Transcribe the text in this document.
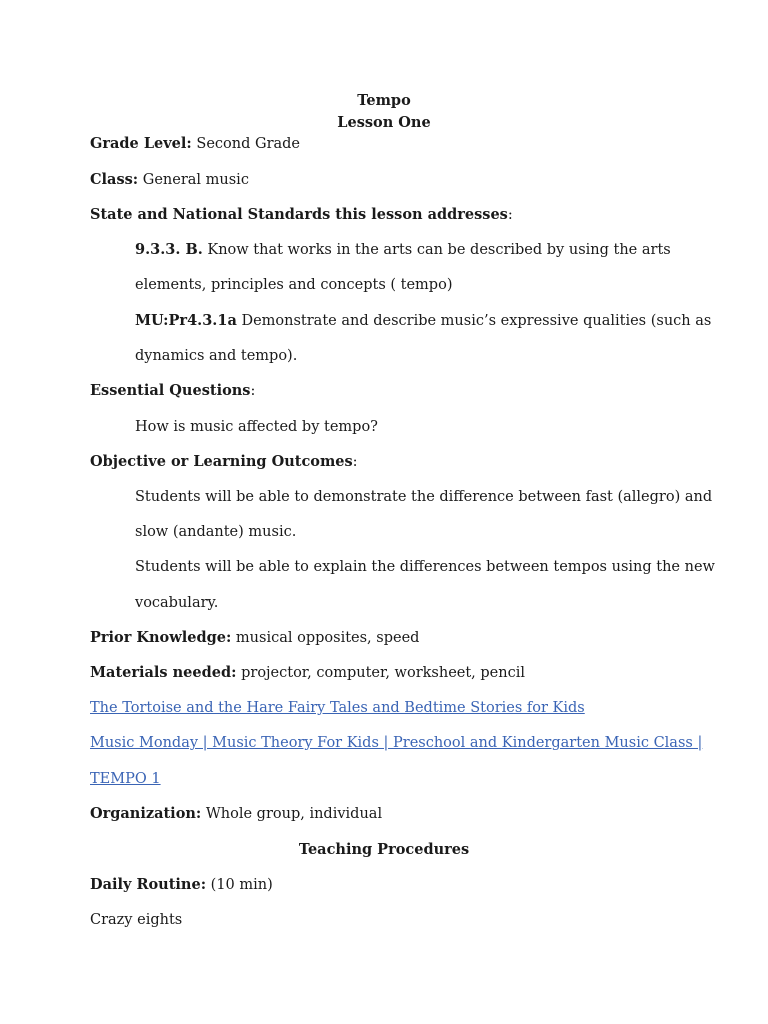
Tempo
Lesson One
Grade Level: Second Grade
Class: General music
State and National Standards this lesson addresses:
9.3.3. B. Know that works in the arts can be described by using the arts
elements, principles and concepts ( tempo)
MU:Pr4.3.1a Demonstrate and describe music’s expressive qualities (such as
dynamics and tempo).
Essential Questions:
How is music affected by tempo?
Objective or Learning Outcomes:
Students will be able to demonstrate the difference between fast (allegro) and
slow (andante) music.
Students will be able to explain the differences between tempos using the new
vocabulary.
Prior Knowledge: musical opposites, speed
Materials needed: projector, computer, worksheet, pencil
The Tortoise and the Hare Fairy Tales and Bedtime Stories for Kids
Music Monday | Music Theory For Kids | Preschool and Kindergarten Music Class |
TEMPO 1
Organization: Whole group, individual
Teaching Procedures
Daily Routine: (10 min)
Crazy eights
